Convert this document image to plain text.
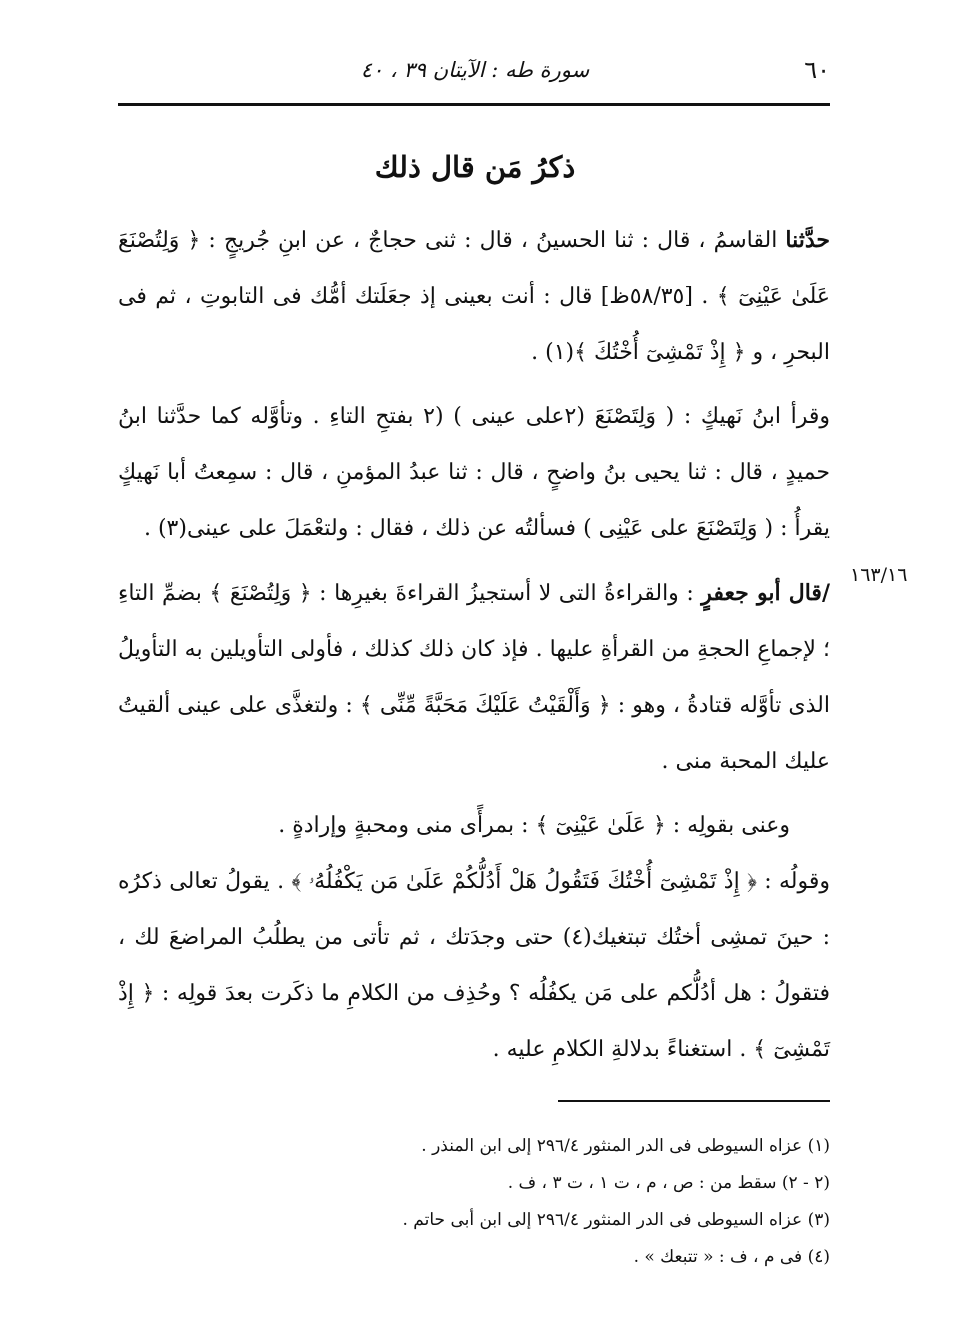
٦٠
سورة طه : الآيتان ٣٩ ، ٤٠
ذكرُ مَن قال ذلك

حدَّثنا القاسمُ ، قال : ثنا الحسينُ ، قال : ثنى حجاجٌ ، عن ابنِ جُريجٍ : ﴿ وَلِتُصْنَعَ عَلَىٰ عَيْنِىٓ ﴾ . [٥٨/٣٥ظ] قال : أنت بعينى إذ جعَلَتك أمُّك فى التابوتِ ، ثم فى البحرِ ، و ﴿ إِذْ تَمْشِىٓ أُخْتُكَ ﴾(١) .

وقرأ ابنُ نَهيكٍ : ( وَلِتَصْنَعَ (٢على عينى ) (٢ بفتحِ التاءِ . وتأوَّله كما حدَّثنا ابنُ حميدٍ ، قال : ثنا يحيى بنُ واضحٍ ، قال : ثنا عبدُ المؤمنِ ، قال : سمِعتُ أبا نَهيكٍ يقرأُ : ( وَلِتَصْنَعَ على عَيْنِى ) فسألتُه عن ذلك ، فقال : ولتعْمَلَ على عينى(٣) .

/قال أبو جعفرٍ : والقراءةُ التى لا أستجيزُ القراءةَ بغيرِها : ﴿ وَلِتُصْنَعَ ﴾ بضمِّ التاءِ ؛ لإجماعِ الحجةِ من القرأةِ عليها . فإذ كان ذلك كذلك ، فأولى التأويلين به التأويلُ الذى تأوَّله قتادةُ ، وهو : ﴿ وَأَلْقَيْتُ عَلَيْكَ مَحَبَّةً مِّنِّى ﴾ : ولتغذَّى على عينى ألقيتُ عليك المحبة منى .

وعنى بقولِه : ﴿ عَلَىٰ عَيْنِىٓ ﴾ : بمرأًى منى ومحبةٍ وإرادةٍ .

وقولُه : ﴿ إِذْ تَمْشِىٓ أُخْتُكَ فَتَقُولُ هَلْ أَدُلُّكُمْ عَلَىٰ مَن يَكْفُلُهُۥ ﴾ . يقولُ تعالى ذكرُه : حينَ تمشِى أختُك تبتغيك(٤) حتى وجدَتك ، ثم تأتى من يطلُبُ المراضعَ لك ، فتقولُ : هل أدُلُّكم على مَن يكفُلُه ؟ وحُذِف من الكلامِ ما ذكَرت بعدَ قولِه : ﴿ إِذْ تَمْشِىٓ ﴾ . استغناءً بدلالةِ الكلامِ عليه .

١٦٣/١٦

(١) عزاه السيوطى فى الدر المنثور ٢٩٦/٤ إلى ابن المنذر .

(٢ - ٢) سقط من : ص ، م ، ت ١ ، ت ٣ ، ف .

(٣) عزاه السيوطى فى الدر المنثور ٢٩٦/٤ إلى ابن أبى حاتم .

(٤) فى م ، ف : « تتبعك » .
